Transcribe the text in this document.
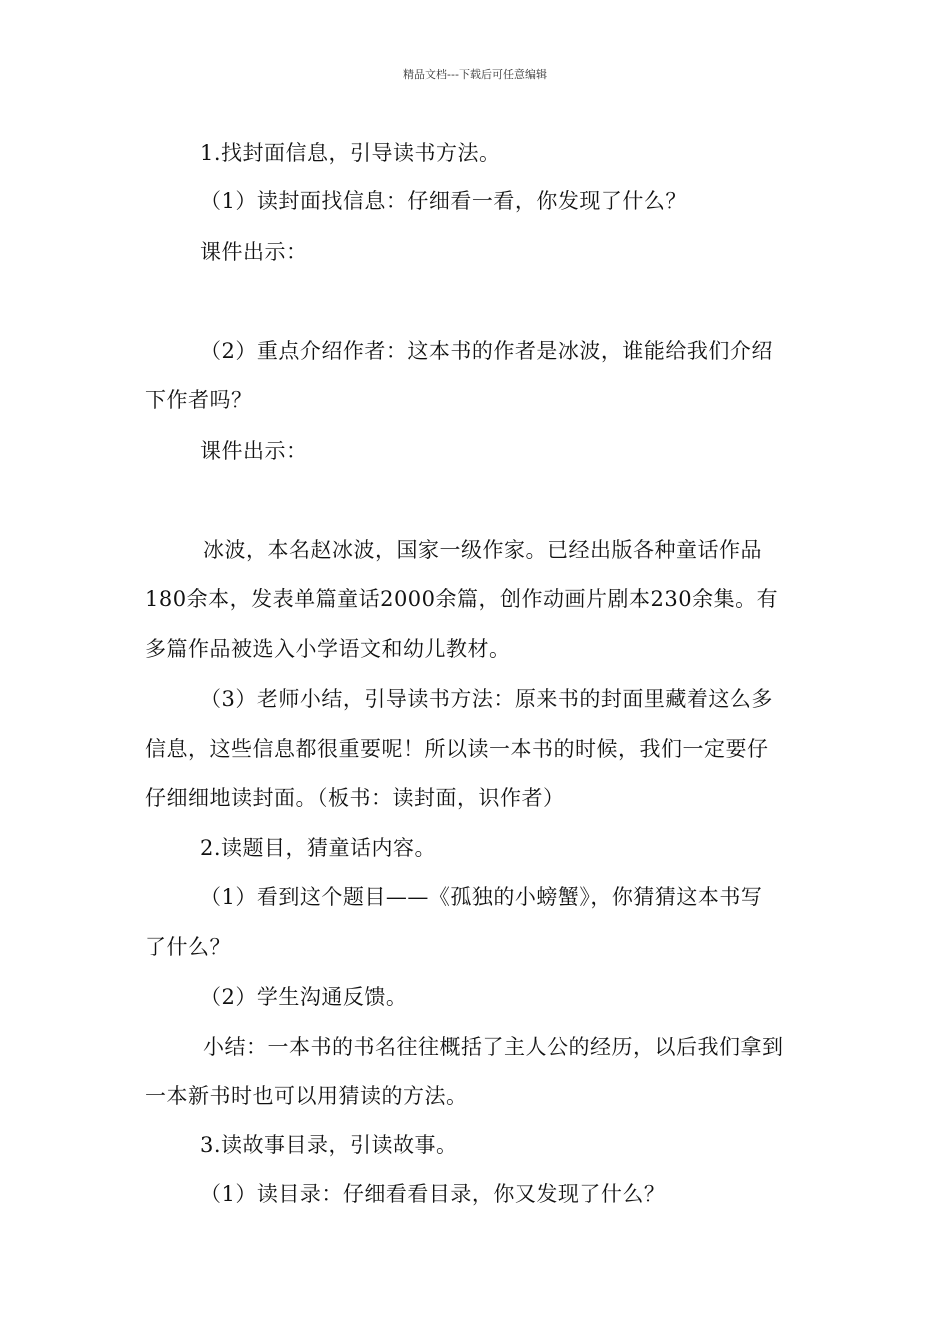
精品文档---下载后可任意编辑
1.找封面信息，引导读书方法。
（1）读封面找信息：仔细看一看，你发现了什么？
课件出示：
（2）重点介绍作者：这本书的作者是冰波，谁能给我们介绍
下作者吗？
课件出示：
冰波，本名赵冰波，国家一级作家。已经出版各种童话作品
180余本，发表单篇童话2000余篇，创作动画片剧本230余集。有
多篇作品被选入小学语文和幼儿教材。
（3）老师小结，引导读书方法：原来书的封面里藏着这么多
信息，这些信息都很重要呢！所以读一本书的时候，我们一定要仔
仔细细地读封面。（板书：读封面，识作者）
2.读题目，猜童话内容。
（1）看到这个题目——《孤独的小螃蟹》，你猜猜这本书写
了什么？
（2）学生沟通反馈。
小结：一本书的书名往往概括了主人公的经历，以后我们拿到
一本新书时也可以用猜读的方法。
3.读故事目录，引读故事。
（1）读目录：仔细看看目录，你又发现了什么？
